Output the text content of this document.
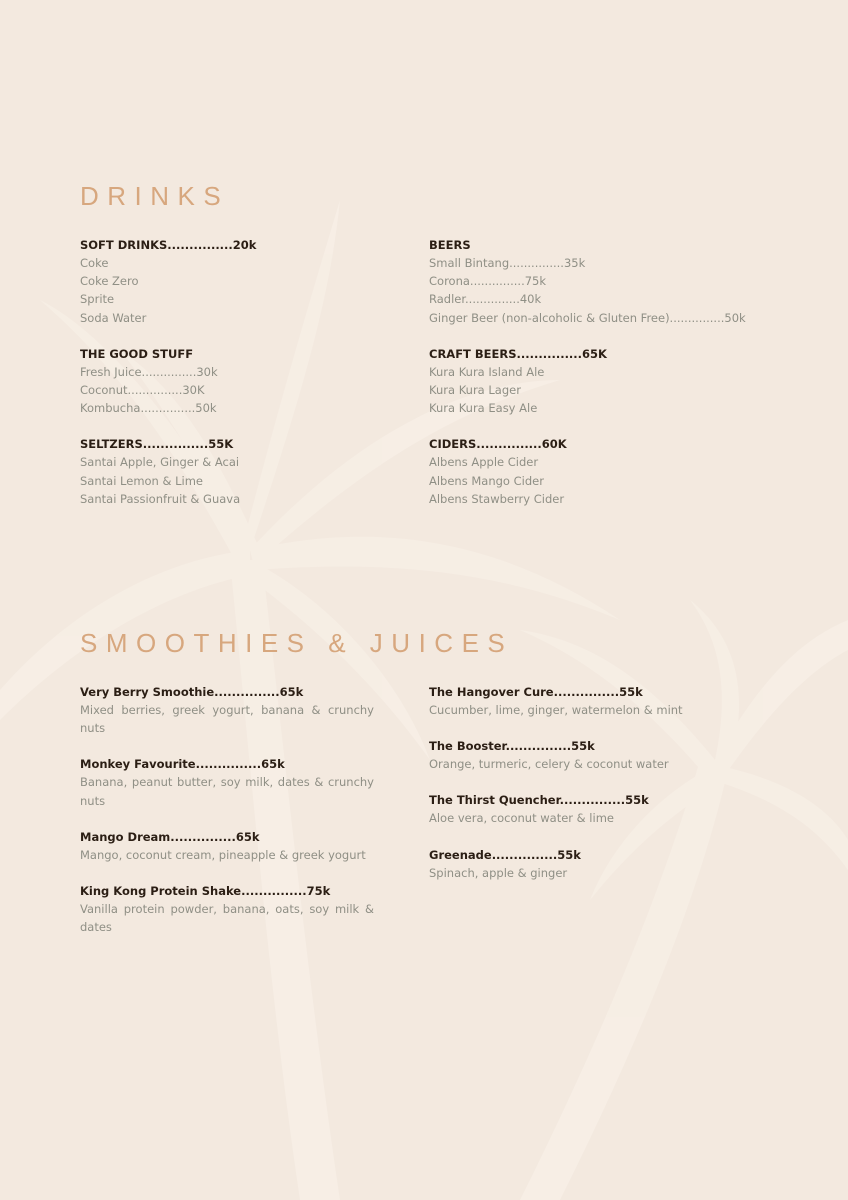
DRINKS
SOFT DRINKS...............20k
Coke
Coke Zero
Sprite
Soda Water
THE GOOD STUFF
Fresh Juice...............30k
Coconut...............30K
Kombucha...............50k
SELTZERS...............55K
Santai Apple, Ginger & Acai
Santai Lemon & Lime
Santai Passionfruit & Guava
BEERS
Small Bintang...............35k
Corona...............75k
Radler...............40k
Ginger Beer (non-alcoholic & Gluten Free)...............50k
CRAFT BEERS...............65K
Kura Kura Island Ale
Kura Kura Lager
Kura Kura Easy Ale
CIDERS...............60K
Albens Apple Cider
Albens Mango Cider
Albens Stawberry Cider
SMOOTHIES & JUICES
Very Berry Smoothie...............65k
Mixed berries, greek yogurt, banana & crunchy nuts
Monkey Favourite...............65k
Banana, peanut butter, soy milk, dates & crunchy nuts
Mango Dream...............65k
Mango, coconut cream, pineapple & greek yogurt
King Kong Protein Shake...............75k
Vanilla protein powder, banana, oats, soy milk & dates
The Hangover Cure...............55k
Cucumber, lime, ginger, watermelon & mint
The Booster...............55k
Orange, turmeric, celery & coconut water
The Thirst Quencher...............55k
Aloe vera, coconut water & lime
Greenade...............55k
Spinach, apple & ginger
